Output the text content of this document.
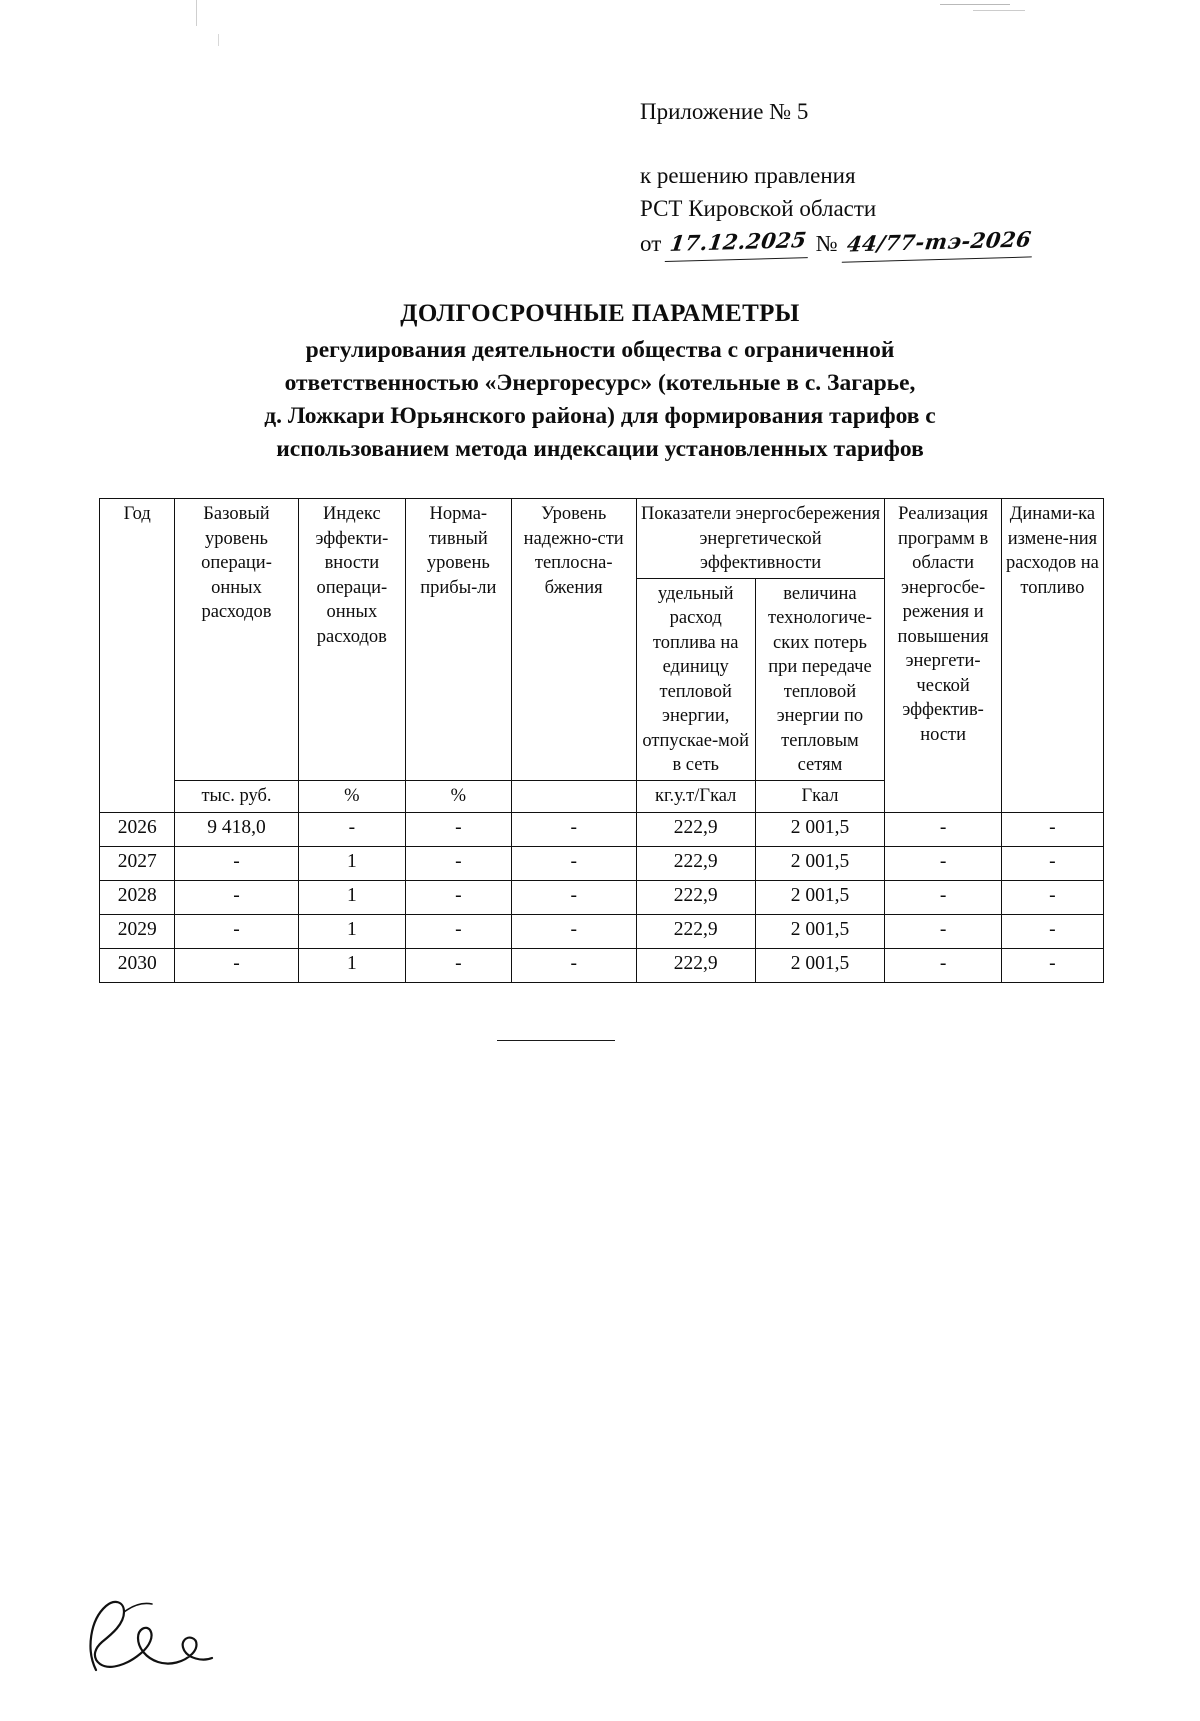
Приложение № 5
к решению правления
РСТ Кировской области
от 17.12.2025 № 44/77-тэ-2026
ДОЛГОСРОЧНЫЕ ПАРАМЕТРЫ
регулирования деятельности общества с ограниченной
ответственностью «Энергоресурс» (котельные в с. Загарье,
д. Ложкари Юрьянского района) для формирования тарифов с
использованием метода индексации установленных тарифов
Год	Базовый уровень операци-онных расходов	Индекс эффекти-вности операци-онных расходов	Норма-тивный уровень прибы-ли	Уровень надежно-сти теплосна-бжения	Показатели энергосбережения энергетической эффективности		Реализация программ в области энергосбе-режения и повышения энергети-ческой эффектив-ности	Динами-ка измене-ния расходов на топливо
					удельный расход топлива на единицу тепловой энергии, отпускае-мой в сеть	величина технологиче-ских потерь при передаче тепловой энергии по тепловым сетям		
	тыс. руб.	%	%		кг.у.т/Гкал	Гкал		
2026	9 418,0	-	-	-	222,9	2 001,5	-	-
2027	-	1	-	-	222,9	2 001,5	-	-
2028	-	1	-	-	222,9	2 001,5	-	-
2029	-	1	-	-	222,9	2 001,5	-	-
2030	-	1	-	-	222,9	2 001,5	-	-
